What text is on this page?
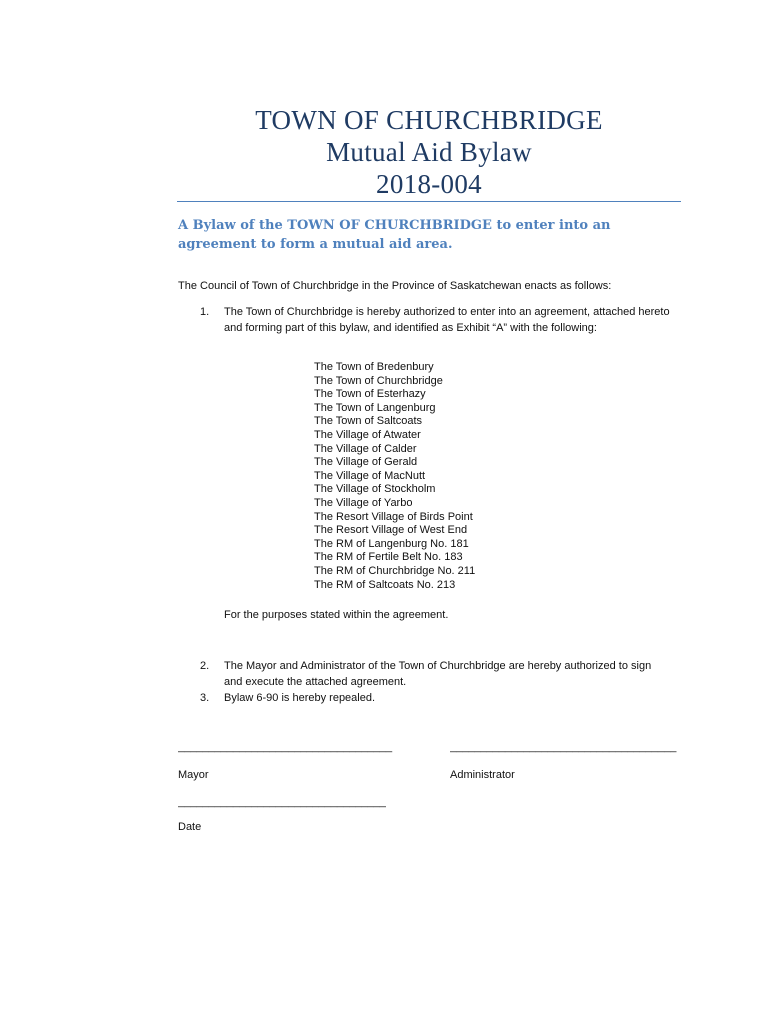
TOWN OF CHURCHBRIDGE
Mutual Aid Bylaw
2018-004
A Bylaw of the TOWN OF CHURCHBRIDGE to enter into an agreement to form a mutual aid area.
The Council of Town of Churchbridge in the Province of Saskatchewan enacts as follows:
1. The Town of Churchbridge is hereby authorized to enter into an agreement, attached hereto and forming part of this bylaw, and identified as Exhibit “A” with the following:
The Town of Bredenbury
The Town of Churchbridge
The Town of Esterhazy
The Town of Langenburg
The Town of Saltcoats
The Village of Atwater
The Village of Calder
The Village of Gerald
The Village of MacNutt
The Village of Stockholm
The Village of Yarbo
The Resort Village of Birds Point
The Resort Village of West End
The RM of Langenburg No. 181
The RM of Fertile Belt No. 183
The RM of Churchbridge No. 211
The RM of Saltcoats No. 213
For the purposes stated within the agreement.
2. The Mayor and Administrator of the Town of Churchbridge are hereby authorized to sign and execute the attached agreement.
3. Bylaw 6-90 is hereby repealed.
___________________________________	_____________________________________
Mayor	Administrator
__________________________________
Date
